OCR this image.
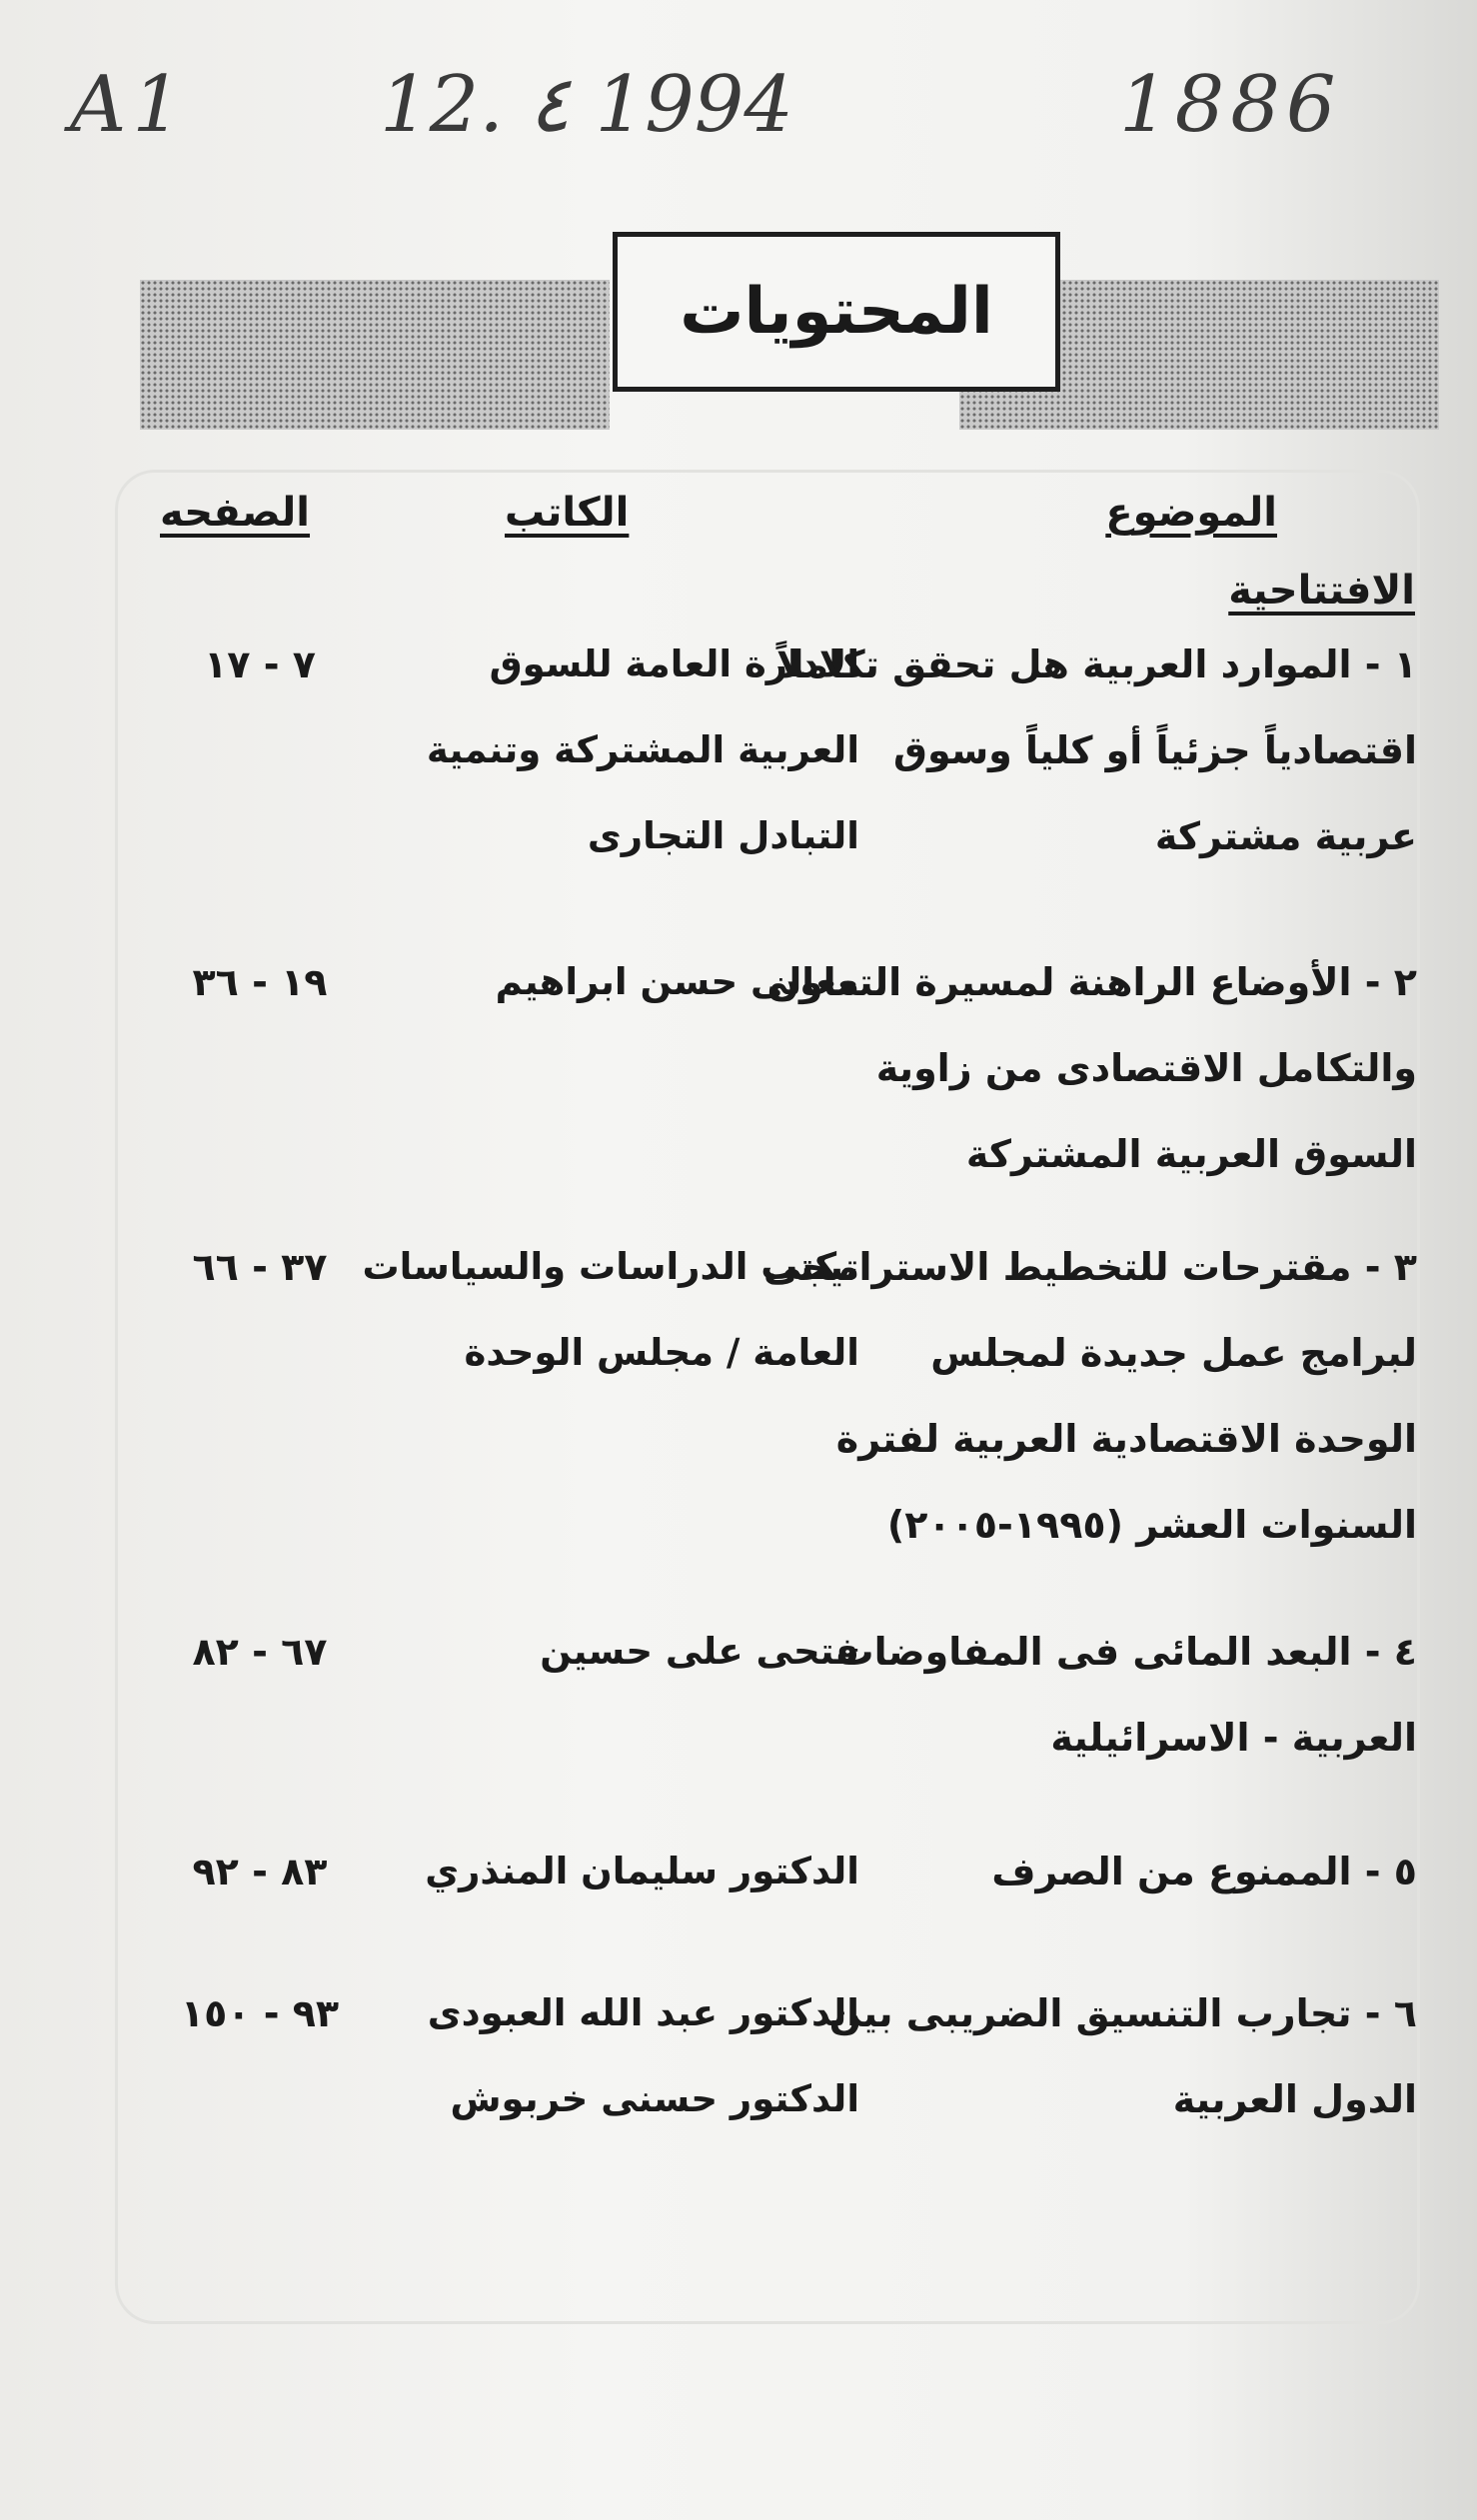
A1 12. ٤ 1994	1886
المحتويات
الموضوع
الكاتب
الصفحه
الافتتاحية
١ - الموارد العربية هل تحقق تكاملاً
اقتصادياً جزئياً أو كلياً وسوق
عربية مشتركة
الادارة العامة للسوق
العربية المشتركة وتنمية
التبادل التجارى
٧ - ١٧
٢ - الأوضاع الراهنة لمسيرة التعاون
والتكامل الاقتصادى من زاوية
السوق العربية المشتركة
معالى حسن ابراهيم
١٩ - ٣٦
٣ - مقترحات للتخطيط الاستراتيجى
لبرامج عمل جديدة لمجلس
الوحدة الاقتصادية العربية لفترة
السنوات العشر (١٩٩٥-٢٠٠٥)
مكتب الدراسات والسياسات
العامة / مجلس الوحدة
٣٧ - ٦٦
٤ - البعد المائى فى المفاوضات
العربية - الاسرائيلية
فتحى على حسين
٦٧ - ٨٢
٥ - الممنوع من الصرف
الدكتور سليمان المنذري
٨٣ - ٩٢
٦ - تجارب التنسيق الضريبى بين
الدول العربية
الدكتور عبد الله العبودى
الدكتور حسنى خربوش
٩٣ - ١٥٠
